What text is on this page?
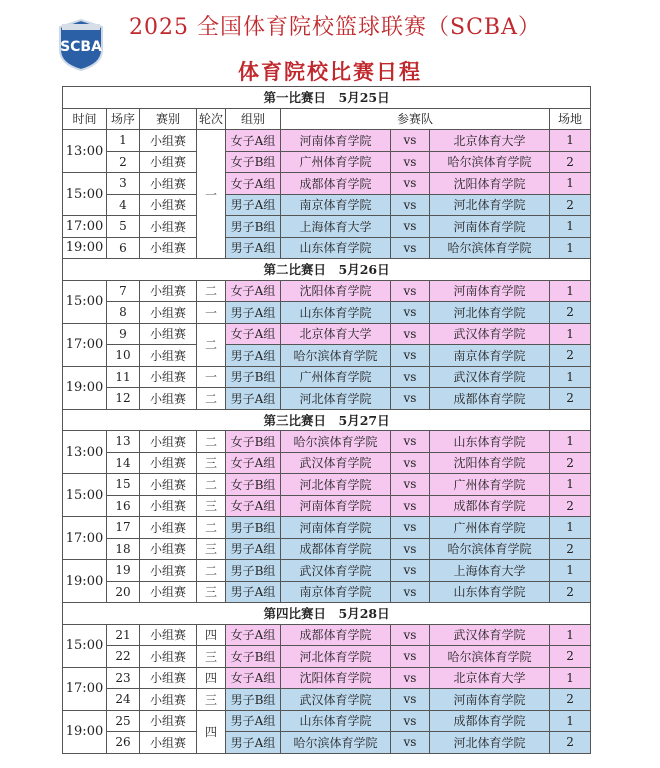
SCBA
2025 全国体育院校篮球联赛（SCBA）
体育院校比赛日程
第一比赛日　5月25日								
时间	场序	赛别	轮次	组别	参赛队			场地
13:00	1	小组赛	一	女子A组	河南体育学院	vs	北京体育大学	1
	2	小组赛		女子B组	广州体育学院	vs	哈尔滨体育学院	2
15:00	3	小组赛		女子A组	成都体育学院	vs	沈阳体育学院	1
	4	小组赛		男子A组	南京体育学院	vs	河北体育学院	2
17:00	5	小组赛		男子B组	上海体育大学	vs	河南体育学院	1
19:00	6	小组赛		男子A组	山东体育学院	vs	哈尔滨体育学院	1
第二比赛日　5月26日								
15:00	7	小组赛	二	女子A组	沈阳体育学院	vs	河南体育学院	1
	8	小组赛	一	男子A组	山东体育学院	vs	河北体育学院	2
17:00	9	小组赛	二	女子A组	北京体育大学	vs	武汉体育学院	1
	10	小组赛		男子A组	哈尔滨体育学院	vs	南京体育学院	2
19:00	11	小组赛	一	男子B组	广州体育学院	vs	武汉体育学院	1
	12	小组赛	二	男子A组	河北体育学院	vs	成都体育学院	2
第三比赛日　5月27日								
13:00	13	小组赛	二	女子B组	哈尔滨体育学院	vs	山东体育学院	1
	14	小组赛	三	女子A组	武汉体育学院	vs	沈阳体育学院	2
15:00	15	小组赛	二	女子B组	河北体育学院	vs	广州体育学院	1
	16	小组赛	三	女子A组	河南体育学院	vs	成都体育学院	2
17:00	17	小组赛	二	男子B组	河南体育学院	vs	广州体育学院	1
	18	小组赛	三	男子A组	成都体育学院	vs	哈尔滨体育学院	2
19:00	19	小组赛	二	男子B组	武汉体育学院	vs	上海体育大学	1
	20	小组赛	三	男子A组	南京体育学院	vs	山东体育学院	2
第四比赛日　5月28日								
15:00	21	小组赛	四	女子A组	成都体育学院	vs	武汉体育学院	1
	22	小组赛	三	女子B组	河北体育学院	vs	哈尔滨体育学院	2
17:00	23	小组赛	四	女子A组	沈阳体育学院	vs	北京体育大学	1
	24	小组赛	三	男子B组	武汉体育学院	vs	河南体育学院	2
19:00	25	小组赛	四	男子A组	山东体育学院	vs	成都体育学院	1
	26	小组赛		男子A组	哈尔滨体育学院	vs	河北体育学院	2
